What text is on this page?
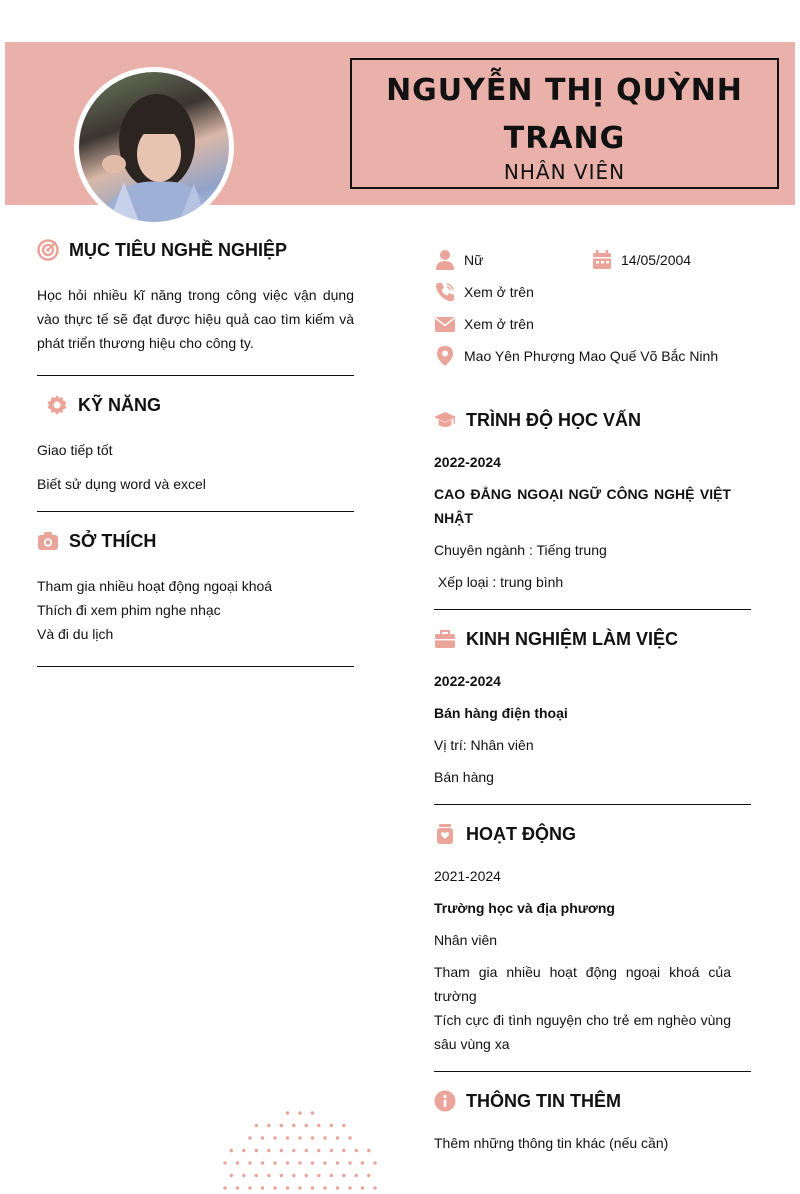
NGUYỄN THỊ QUỲNH
TRANG
NHÂN VIÊN
MỤC TIÊU NGHỀ NGHIỆP
Học hỏi nhiều kĩ năng trong công việc vận dụng vào thực tế sẽ đạt được hiệu quả cao tìm kiếm và phát triển thương hiệu cho công ty.
KỸ NĂNG
Giao tiếp tốt
Biết sử dụng word và excel
SỞ THÍCH
Tham gia nhiều hoạt động ngoại khoá
Thích đi xem phim nghe nhạc
Và đi du lịch
Nữ	14/05/2004
Xem ở trên
Xem ở trên
Mao Yên Phượng Mao Quế Võ Bắc Ninh
TRÌNH ĐỘ HỌC VẤN
2022-2024
CAO ĐẲNG NGOẠI NGỮ CÔNG NGHỆ VIỆT NHẬT
Chuyên ngành : Tiếng trung
Xếp loại : trung bình
KINH NGHIỆM LÀM VIỆC
2022-2024
Bán hàng điện thoại
Vị trí: Nhân viên
Bán hàng
HOẠT ĐỘNG
2021-2024
Trường học và địa phương
Nhân viên
Tham gia nhiều hoạt động ngoại khoá của trường
Tích cực đi tình nguyện cho trẻ em nghèo vùng sâu vùng xa
THÔNG TIN THÊM
Thêm những thông tin khác (nếu cần)
